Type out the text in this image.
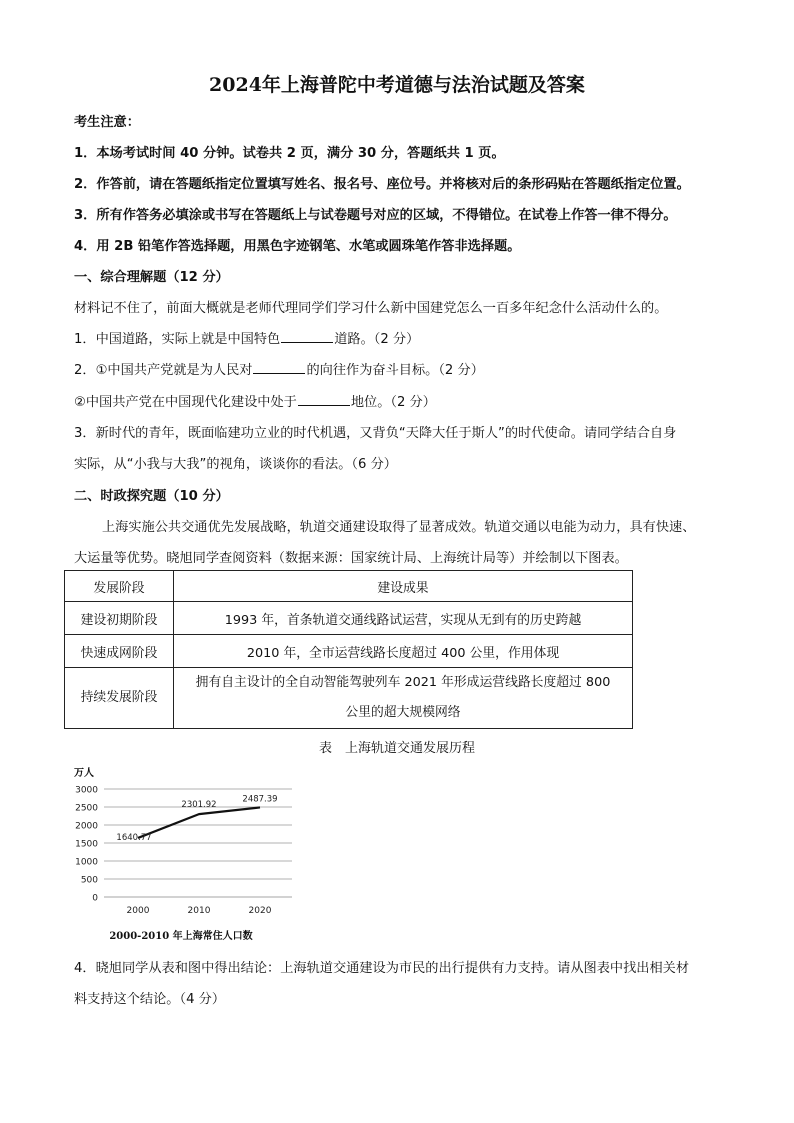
2024年上海普陀中考道德与法治试题及答案
考生注意：
1．本场考试时间 40 分钟。试卷共 2 页，满分 30 分，答题纸共 1 页。
2．作答前，请在答题纸指定位置填写姓名、报名号、座位号。并将核对后的条形码贴在答题纸指定位置。
3．所有作答务必填涂或书写在答题纸上与试卷题号对应的区域，不得错位。在试卷上作答一律不得分。
4．用 2B 铅笔作答选择题，用黑色字迹钢笔、水笔或圆珠笔作答非选择题。
一、综合理解题（12 分）
材料记不住了，前面大概就是老师代理同学们学习什么新中国建党怎么一百多年纪念什么活动什么的。
1．中国道路，实际上就是中国特色	道路。（2 分）
2．①中国共产党就是为人民对	的向往作为奋斗目标。（2 分）
②中国共产党在中国现代化建设中处于	地位。（2 分）
3．新时代的青年，既面临建功立业的时代机遇，又背负“天降大任于斯人”的时代使命。请同学结合自身
实际，从“小我与大我”的视角，谈谈你的看法。（6 分）
二、时政探究题（10 分）
上海实施公共交通优先发展战略，轨道交通建设取得了显著成效。轨道交通以电能为动力，具有快速、
大运量等优势。晓旭同学查阅资料（数据来源：国家统计局、上海统计局等）并绘制以下图表。
发展阶段	建设成果
建设初期阶段	1993 年，首条轨道交通线路试运营，实现从无到有的历史跨越
快速成网阶段	2010 年，全市运营线路长度超过 400 公里，作用体现
持续发展阶段	拥有自主设计的全自动智能驾驶列车 2021 年形成运营线路长度超过 800
公里的超大规模网络
表　上海轨道交通发展历程
0
500
1000
1500
2000
2500
3000
2000	2010	2020
1640.77
2301.92
2487.39
万人
2000-2010 年上海常住人口数
4．晓旭同学从表和图中得出结论：上海轨道交通建设为市民的出行提供有力支持。请从图表中找出相关材
料支持这个结论。（4 分）
